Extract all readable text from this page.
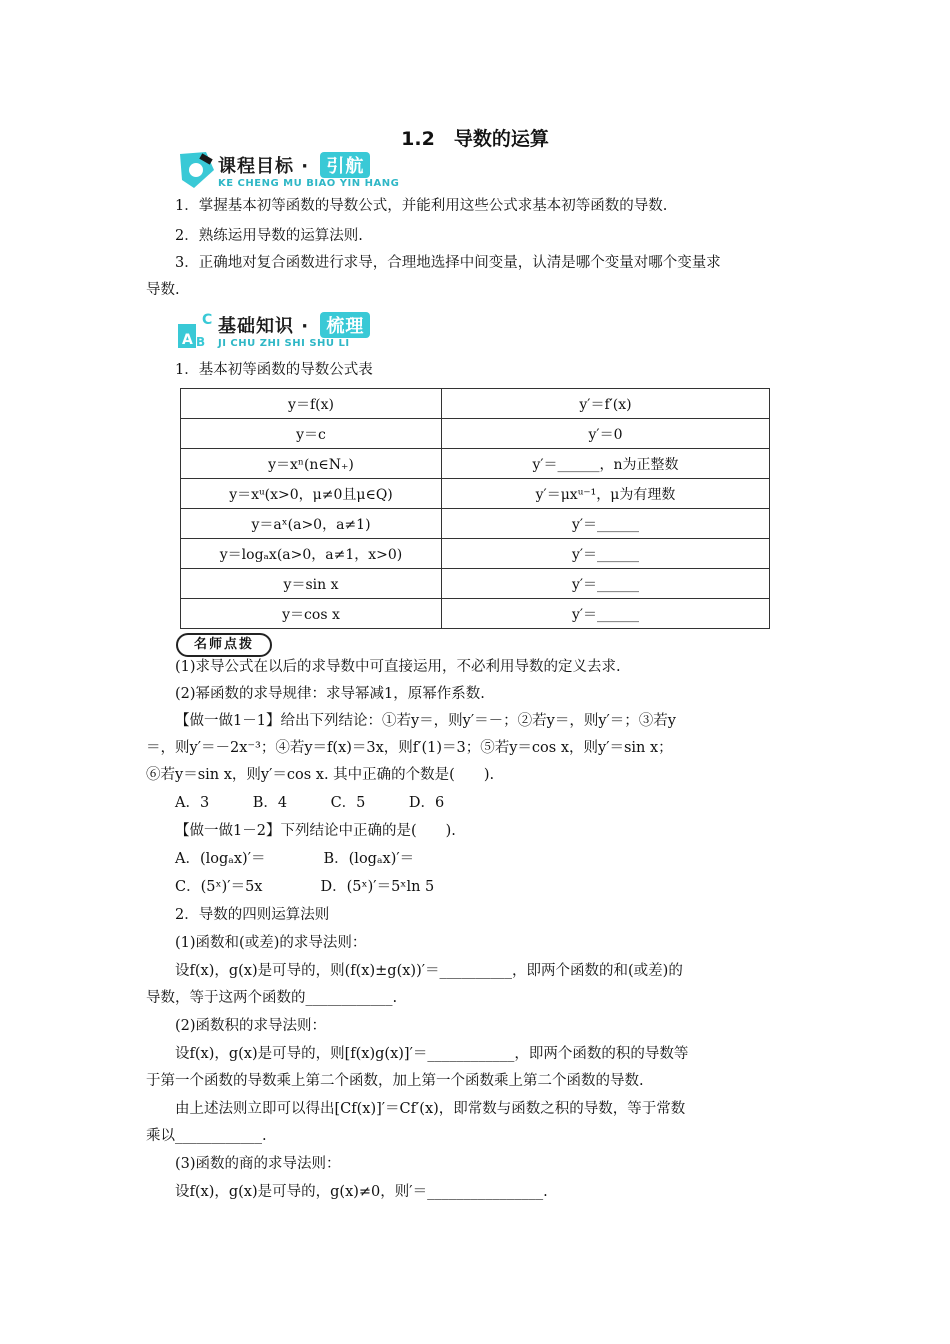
1.2　导数的运算
课程目标 · 引航
KE CHENG MU BIAO YIN HANG
1．掌握基本初等函数的导数公式，并能利用这些公式求基本初等函数的导数.
2．熟练运用导数的运算法则.
3．正确地对复合函数进行求导，合理地选择中间变量，认清是哪个变量对哪个变量求
导数.
A B
C 基础知识 · 梳理
JI CHU ZHI SHI SHU LI
1．基本初等函数的导数公式表
y＝f(x)	y′＝f′(x)
y＝c	y′＝0
y＝xⁿ(n∈N₊)	y′＝______，n为正整数
y＝xᵘ(x>0，μ≠0且μ∈Q)	y′＝μxᵘ⁻¹，μ为有理数
y＝aˣ(a>0，a≠1)	y′＝______
y＝logₐx(a>0，a≠1，x>0)	y′＝______
y＝sin x	y′＝______
y＝cos x	y′＝______
名师点拨
(1)求导公式在以后的求导数中可直接运用，不必利用导数的定义去求.
(2)幂函数的求导规律：求导幂减1，原幂作系数.
【做一做1－1】给出下列结论：①若y＝，则y′＝－；②若y＝，则y′＝；③若y
＝，则y′＝－2x⁻³；④若y＝f(x)＝3x，则f′(1)＝3；⑤若y＝cos x，则y′＝sin x；
⑥若y＝sin x，则y′＝cos x. 其中正确的个数是(　　).
A．3　　　B．4　　　C．5　　　D．6
【做一做1－2】下列结论中正确的是(　　).
A．(logₐx)′＝　　　　B．(logₐx)′＝
C．(5ˣ)′＝5x　　　　D．(5ˣ)′＝5ˣln 5
2．导数的四则运算法则
(1)函数和(或差)的求导法则：
设f(x)，g(x)是可导的，则(f(x)±g(x))′＝__________，即两个函数的和(或差)的
导数，等于这两个函数的____________.
(2)函数积的求导法则：
设f(x)，g(x)是可导的，则[f(x)g(x)]′＝____________，即两个函数的积的导数等
于第一个函数的导数乘上第二个函数，加上第一个函数乘上第二个函数的导数.
由上述法则立即可以得出[Cf(x)]′＝Cf′(x)，即常数与函数之积的导数，等于常数
乘以____________.
(3)函数的商的求导法则：
设f(x)，g(x)是可导的，g(x)≠0，则′＝________________.
